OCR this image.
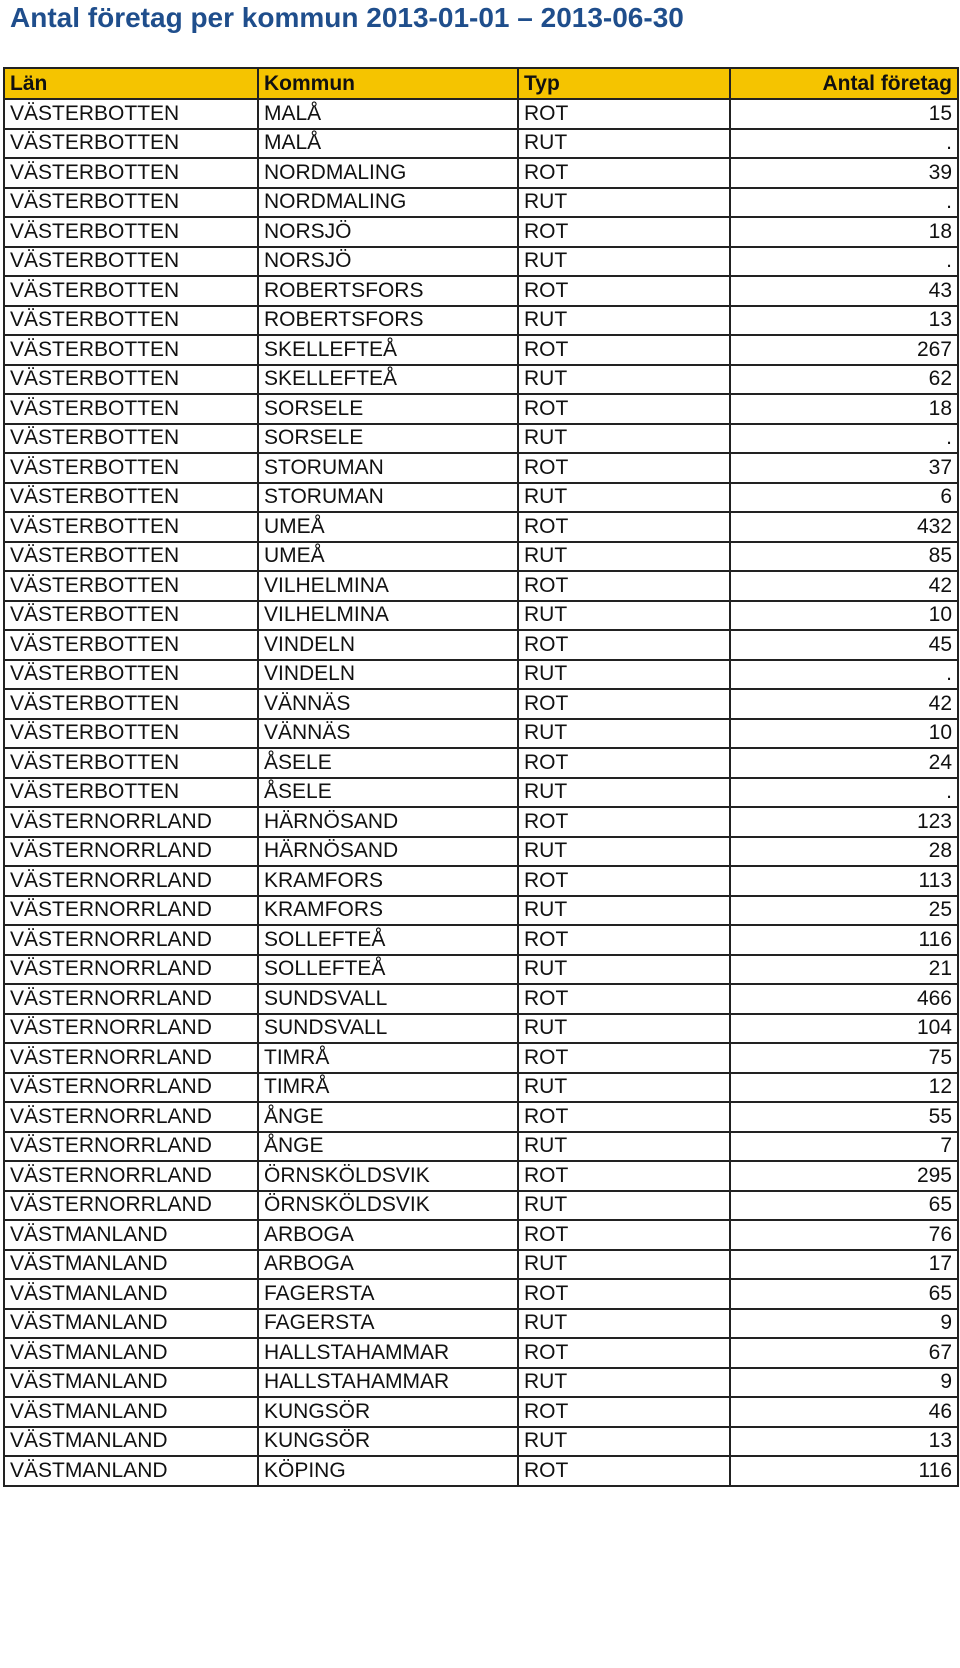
Antal företag per kommun 2013-01-01 – 2013-06-30
Län	Kommun	Typ	Antal företag
VÄSTERBOTTEN	MALÅ	ROT	15
VÄSTERBOTTEN	MALÅ	RUT	.
VÄSTERBOTTEN	NORDMALING	ROT	39
VÄSTERBOTTEN	NORDMALING	RUT	.
VÄSTERBOTTEN	NORSJÖ	ROT	18
VÄSTERBOTTEN	NORSJÖ	RUT	.
VÄSTERBOTTEN	ROBERTSFORS	ROT	43
VÄSTERBOTTEN	ROBERTSFORS	RUT	13
VÄSTERBOTTEN	SKELLEFTEÅ	ROT	267
VÄSTERBOTTEN	SKELLEFTEÅ	RUT	62
VÄSTERBOTTEN	SORSELE	ROT	18
VÄSTERBOTTEN	SORSELE	RUT	.
VÄSTERBOTTEN	STORUMAN	ROT	37
VÄSTERBOTTEN	STORUMAN	RUT	6
VÄSTERBOTTEN	UMEÅ	ROT	432
VÄSTERBOTTEN	UMEÅ	RUT	85
VÄSTERBOTTEN	VILHELMINA	ROT	42
VÄSTERBOTTEN	VILHELMINA	RUT	10
VÄSTERBOTTEN	VINDELN	ROT	45
VÄSTERBOTTEN	VINDELN	RUT	.
VÄSTERBOTTEN	VÄNNÄS	ROT	42
VÄSTERBOTTEN	VÄNNÄS	RUT	10
VÄSTERBOTTEN	ÅSELE	ROT	24
VÄSTERBOTTEN	ÅSELE	RUT	.
VÄSTERNORRLAND	HÄRNÖSAND	ROT	123
VÄSTERNORRLAND	HÄRNÖSAND	RUT	28
VÄSTERNORRLAND	KRAMFORS	ROT	113
VÄSTERNORRLAND	KRAMFORS	RUT	25
VÄSTERNORRLAND	SOLLEFTEÅ	ROT	116
VÄSTERNORRLAND	SOLLEFTEÅ	RUT	21
VÄSTERNORRLAND	SUNDSVALL	ROT	466
VÄSTERNORRLAND	SUNDSVALL	RUT	104
VÄSTERNORRLAND	TIMRÅ	ROT	75
VÄSTERNORRLAND	TIMRÅ	RUT	12
VÄSTERNORRLAND	ÅNGE	ROT	55
VÄSTERNORRLAND	ÅNGE	RUT	7
VÄSTERNORRLAND	ÖRNSKÖLDSVIK	ROT	295
VÄSTERNORRLAND	ÖRNSKÖLDSVIK	RUT	65
VÄSTMANLAND	ARBOGA	ROT	76
VÄSTMANLAND	ARBOGA	RUT	17
VÄSTMANLAND	FAGERSTA	ROT	65
VÄSTMANLAND	FAGERSTA	RUT	9
VÄSTMANLAND	HALLSTAHAMMAR	ROT	67
VÄSTMANLAND	HALLSTAHAMMAR	RUT	9
VÄSTMANLAND	KUNGSÖR	ROT	46
VÄSTMANLAND	KUNGSÖR	RUT	13
VÄSTMANLAND	KÖPING	ROT	116
